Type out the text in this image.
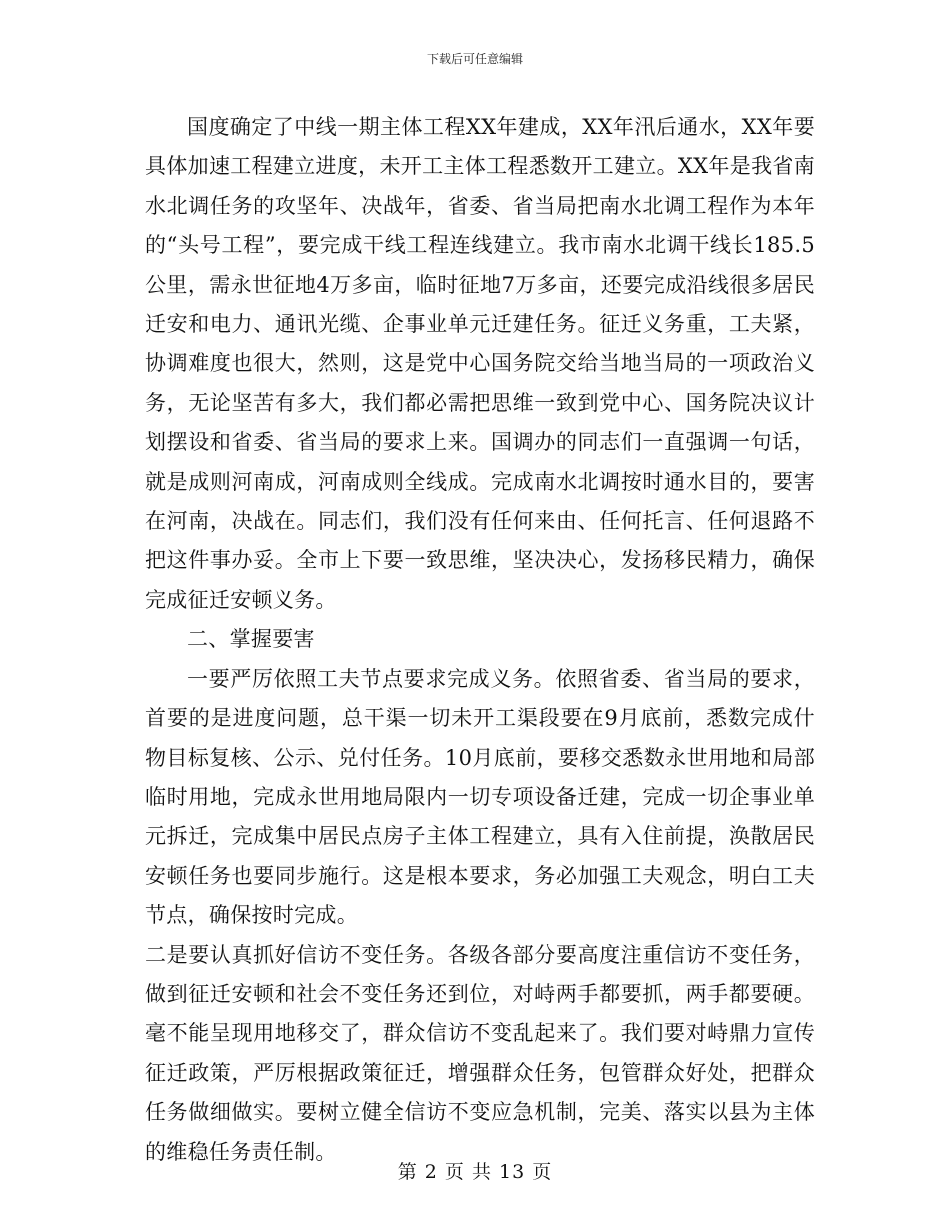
下载后可任意编辑

国度确定了中线一期主体工程XX年建成，XX年汛后通水，XX年要具体加速工程建立进度，未开工主体工程悉数开工建立。XX年是我省南水北调任务的攻坚年、决战年，省委、省当局把南水北调工程作为本年的“头号工程”，要完成干线工程连线建立。我市南水北调干线长185.5公里，需永世征地4万多亩，临时征地7万多亩，还要完成沿线很多居民迁安和电力、通讯光缆、企事业单元迁建任务。征迁义务重，工夫紧，协调难度也很大，然则，这是党中心国务院交给当地当局的一项政治义务，无论坚苦有多大，我们都必需把思维一致到党中心、国务院决议计划摆设和省委、省当局的要求上来。国调办的同志们一直强调一句话，就是成则河南成，河南成则全线成。完成南水北调按时通水目的，要害在河南，决战在。同志们，我们没有任何来由、任何托言、任何退路不把这件事办妥。全市上下要一致思维，坚决决心，发扬移民精力，确保完成征迁安顿义务。

二、掌握要害

一要严厉依照工夫节点要求完成义务。依照省委、省当局的要求，首要的是进度问题，总干渠一切未开工渠段要在9月底前，悉数完成什物目标复核、公示、兑付任务。10月底前，要移交悉数永世用地和局部临时用地，完成永世用地局限内一切专项设备迁建，完成一切企事业单元拆迁，完成集中居民点房子主体工程建立，具有入住前提，涣散居民安顿任务也要同步施行。这是根本要求，务必加强工夫观念，明白工夫节点，确保按时完成。

二是要认真抓好信访不变任务。各级各部分要高度注重信访不变任务，做到征迁安顿和社会不变任务还到位，对峙两手都要抓，两手都要硬。毫不能呈现用地移交了，群众信访不变乱起来了。我们要对峙鼎力宣传征迁政策，严厉根据政策征迁，增强群众任务，包管群众好处，把群众任务做细做实。要树立健全信访不变应急机制，完美、落实以县为主体的维稳任务责任制。

第 2 页 共 13 页
